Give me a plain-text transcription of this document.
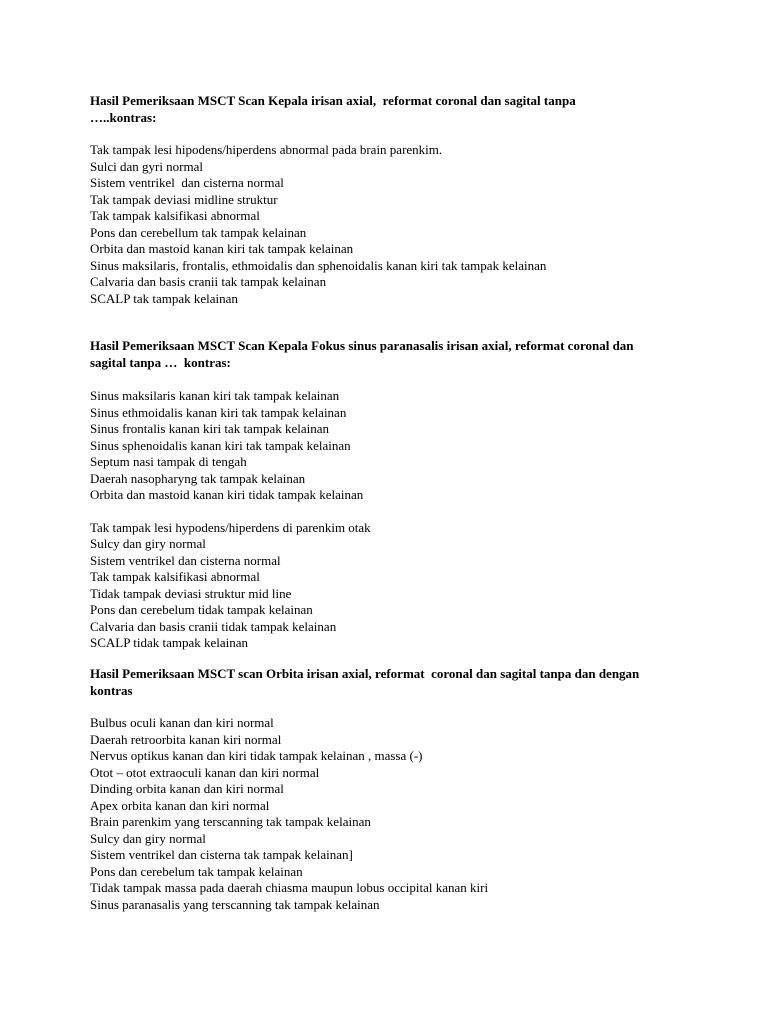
Hasil Pemeriksaan MSCT Scan Kepala irisan axial,  reformat coronal dan sagital tanpa
…..kontras:

Tak tampak lesi hipodens/hiperdens abnormal pada brain parenkim.
Sulci dan gyri normal
Sistem ventrikel  dan cisterna normal
Tak tampak deviasi midline struktur
Tak tampak kalsifikasi abnormal
Pons dan cerebellum tak tampak kelainan
Orbita dan mastoid kanan kiri tak tampak kelainan
Sinus maksilaris, frontalis, ethmoidalis dan sphenoidalis kanan kiri tak tampak kelainan
Calvaria dan basis cranii tak tampak kelainan
SCALP tak tampak kelainan

Hasil Pemeriksaan MSCT Scan Kepala Fokus sinus paranasalis irisan axial, reformat coronal dan
sagital tanpa …  kontras:

Sinus maksilaris kanan kiri tak tampak kelainan
Sinus ethmoidalis kanan kiri tak tampak kelainan
Sinus frontalis kanan kiri tak tampak kelainan
Sinus sphenoidalis kanan kiri tak tampak kelainan
Septum nasi tampak di tengah
Daerah nasopharyng tak tampak kelainan
Orbita dan mastoid kanan kiri tidak tampak kelainan
Tak tampak lesi hypodens/hiperdens di parenkim otak
Sulcy dan giry normal
Sistem ventrikel dan cisterna normal
Tak tampak kalsifikasi abnormal
Tidak tampak deviasi struktur mid line
Pons dan cerebelum tidak tampak kelainan
Calvaria dan basis cranii tidak tampak kelainan
SCALP tidak tampak kelainan

Hasil Pemeriksaan MSCT scan Orbita irisan axial, reformat  coronal dan sagital tanpa dan dengan
kontras

Bulbus oculi kanan dan kiri normal
Daerah retroorbita kanan kiri normal
Nervus optikus kanan dan kiri tidak tampak kelainan , massa (-)
Otot – otot extraoculi kanan dan kiri normal
Dinding orbita kanan dan kiri normal
Apex orbita kanan dan kiri normal
Brain parenkim yang terscanning tak tampak kelainan
Sulcy dan giry normal
Sistem ventrikel dan cisterna tak tampak kelainan]
Pons dan cerebelum tak tampak kelainan
Tidak tampak massa pada daerah chiasma maupun lobus occipital kanan kiri
Sinus paranasalis yang terscanning tak tampak kelainan
